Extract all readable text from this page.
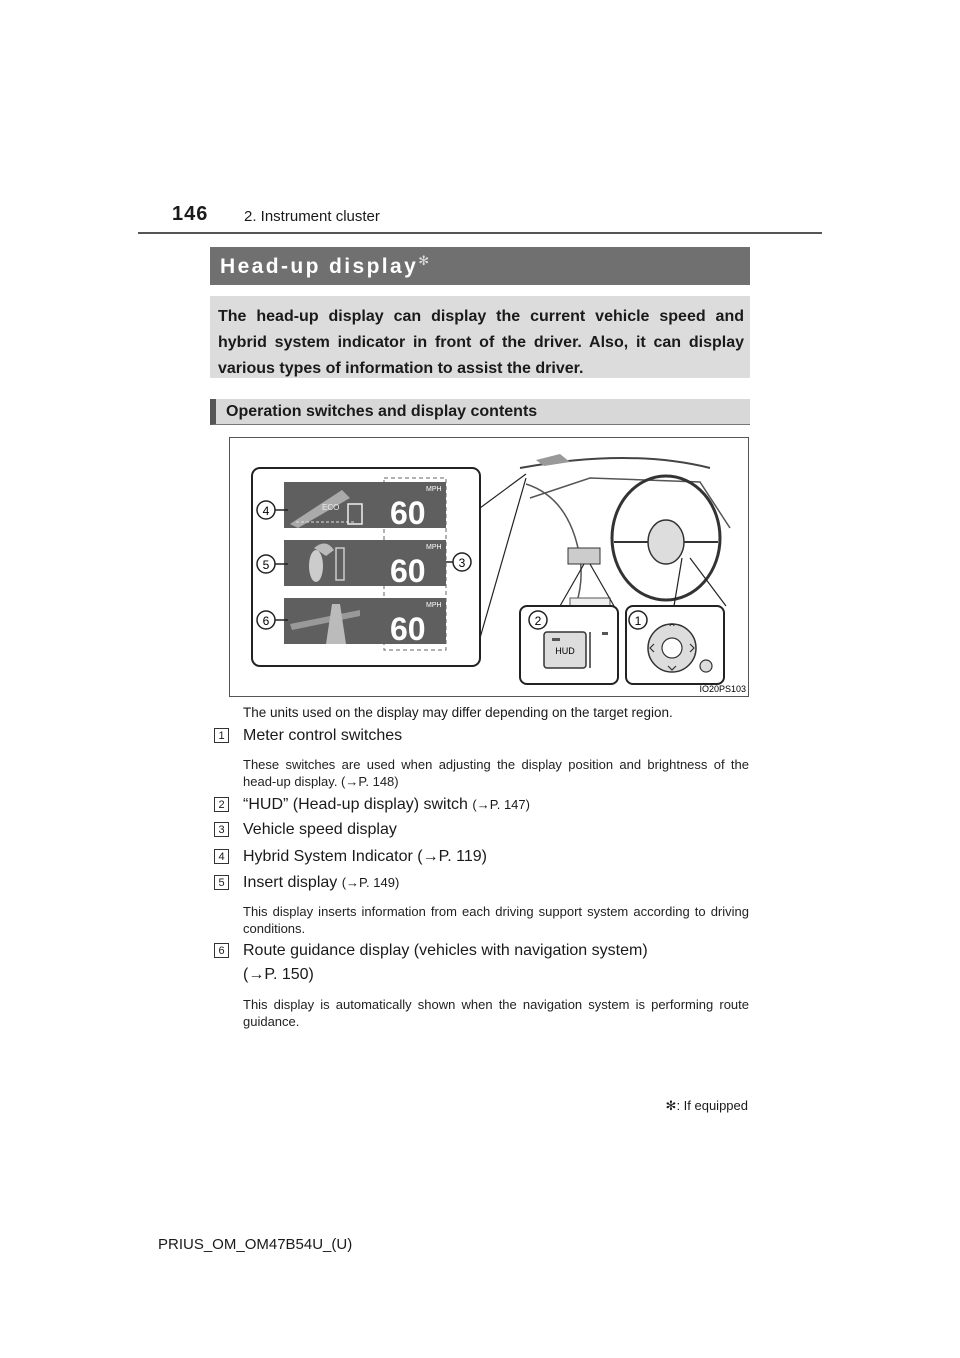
146 2. Instrument cluster
Head-up display✻
The head-up display can display the current vehicle speed and hybrid system indicator in front of the driver. Also, it can display various types of information to assist the driver.
Operation switches and display contents
ECO
MPH
60
MPH
60
MPH
60
4
5
6
3
2
HUD
1	^
IO20PS103
The units used on the display may differ depending on the target region.
1 Meter control switches
These switches are used when adjusting the display position and brightness of the head-up display. (→P. 148)
2 “HUD” (Head-up display) switch (→P. 147)
3 Vehicle speed display
4 Hybrid System Indicator (→P. 119)
5 Insert display (→P. 149)
This display inserts information from each driving support system according to driving conditions.
6 Route guidance display (vehicles with navigation system)
(→P. 150)
This display is automatically shown when the navigation system is performing route guidance.
✻: If equipped
PRIUS_OM_OM47B54U_(U)
